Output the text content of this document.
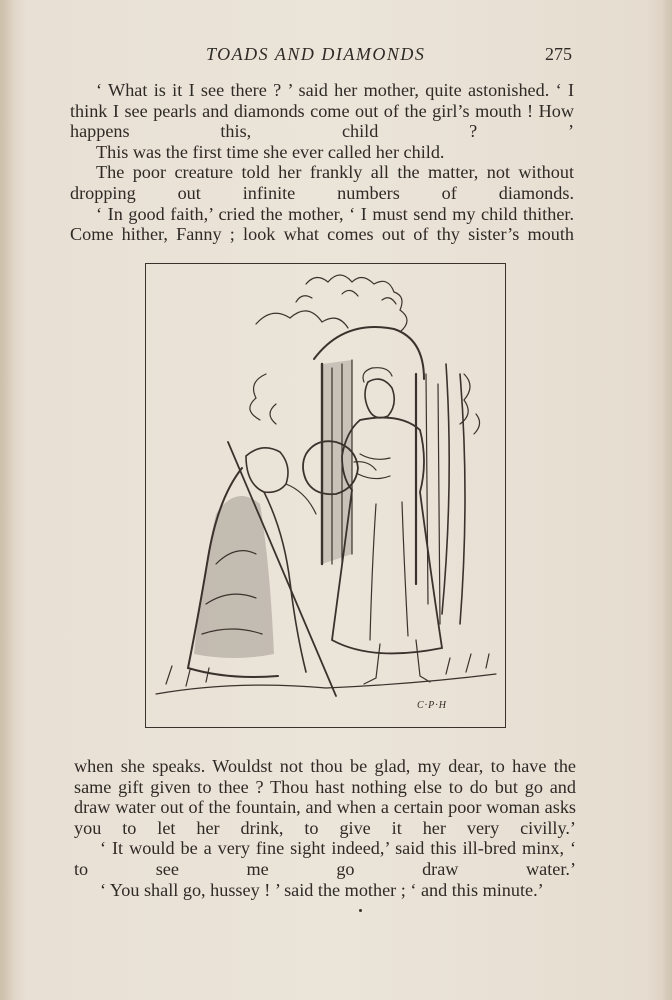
TOADS AND DIAMONDS	275

‘ What is it I see there ? ’ said her mother, quite astonished. ‘ I think I see pearls and diamonds come out of the girl’s mouth ! How happens this, child ? ’

This was the first time she ever called her child.

The poor creature told her frankly all the matter, not without dropping out infinite numbers of diamonds.

‘ In good faith,’ cried the mother, ‘ I must send my child thither. Come hither, Fanny ; look what comes out of thy sister’s mouth

C·P·H

when she speaks. Wouldst not thou be glad, my dear, to have the same gift given to thee ? Thou hast nothing else to do but go and draw water out of the fountain, and when a certain poor woman asks you to let her drink, to give it her very civilly.’

‘ It would be a very fine sight indeed,’ said this ill-bred minx, ‘ to see me go draw water.’

‘ You shall go, hussey ! ’ said the mother ; ‘ and this minute.’
